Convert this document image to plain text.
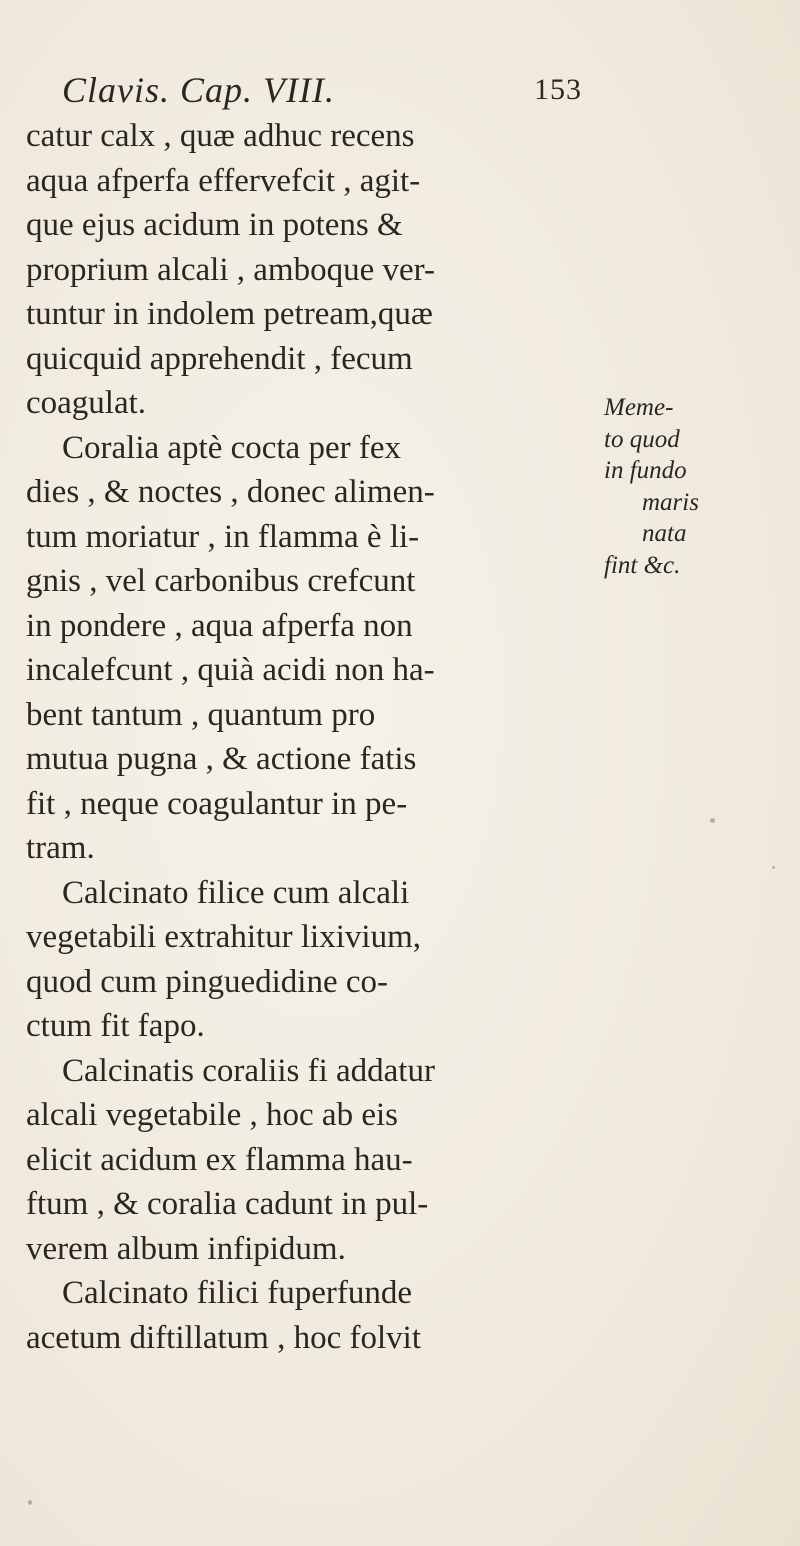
Clavis. Cap. VIII.	153
catur calx , quæ adhuc recens
aqua afperfa effervefcit , agit-
que ejus acidum in potens &
proprium alcali , amboque ver-
tuntur in indolem petream,quæ
quicquid apprehendit , fecum
coagulat.
Coralia aptè cocta per fex
dies , & noctes , donec alimen-
tum moriatur , in flamma è li-
gnis , vel carbonibus crefcunt
in pondere , aqua afperfa non
incalefcunt , quià acidi non ha-
bent tantum , quantum pro
mutua pugna , & actione fatis
fit , neque coagulantur in pe-
tram.
Calcinato filice cum alcali
vegetabili extrahitur lixivium,
quod cum pinguedidine co-
ctum fit fapo.
Calcinatis coraliis fi addatur
alcali vegetabile , hoc ab eis
elicit acidum ex flamma hau-
ftum , & coralia cadunt in pul-
verem album infipidum.
Calcinato filici fuperfunde
acetum diftillatum , hoc folvit
Meme-
to quod
in fundo
maris
nata
fint &c.
